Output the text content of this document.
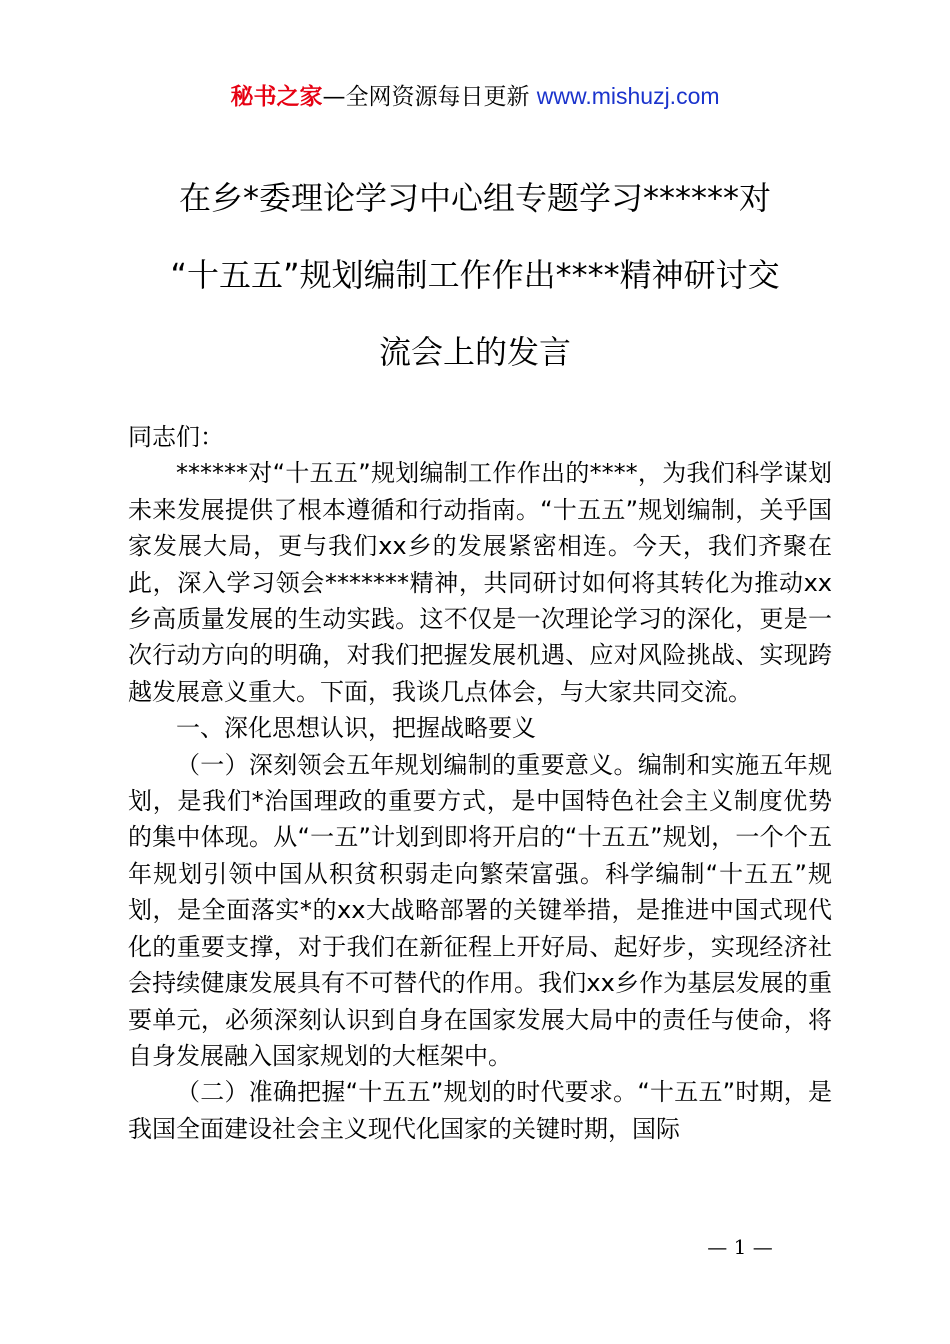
秘书之家—全网资源每日更新 www.mishuzj.com
在乡*委理论学习中心组专题学习******对
“十五五”规划编制工作作出****精神研讨交
流会上的发言

同志们：

******对“十五五”规划编制工作作出的****，为我们科学谋划未来发展提供了根本遵循和行动指南。“十五五”规划编制，关乎国家发展大局，更与我们xx乡的发展紧密相连。今天，我们齐聚在此，深入学习领会*******精神，共同研讨如何将其转化为推动xx乡高质量发展的生动实践。这不仅是一次理论学习的深化，更是一次行动方向的明确，对我们把握发展机遇、应对风险挑战、实现跨越发展意义重大。下面，我谈几点体会，与大家共同交流。

一、深化思想认识，把握战略要义

（一）深刻领会五年规划编制的重要意义。编制和实施五年规划，是我们*治国理政的重要方式，是中国特色社会主义制度优势的集中体现。从“一五”计划到即将开启的“十五五”规划，一个个五年规划引领中国从积贫积弱走向繁荣富强。科学编制“十五五”规划，是全面落实*的xx大战略部署的关键举措，是推进中国式现代化的重要支撑，对于我们在新征程上开好局、起好步，实现经济社会持续健康发展具有不可替代的作用。我们xx乡作为基层发展的重要单元，必须深刻认识到自身在国家发展大局中的责任与使命，将自身发展融入国家规划的大框架中。

（二）准确把握“十五五”规划的时代要求。“十五五”时期，是我国全面建设社会主义现代化国家的关键时期，国际

— 1 —
